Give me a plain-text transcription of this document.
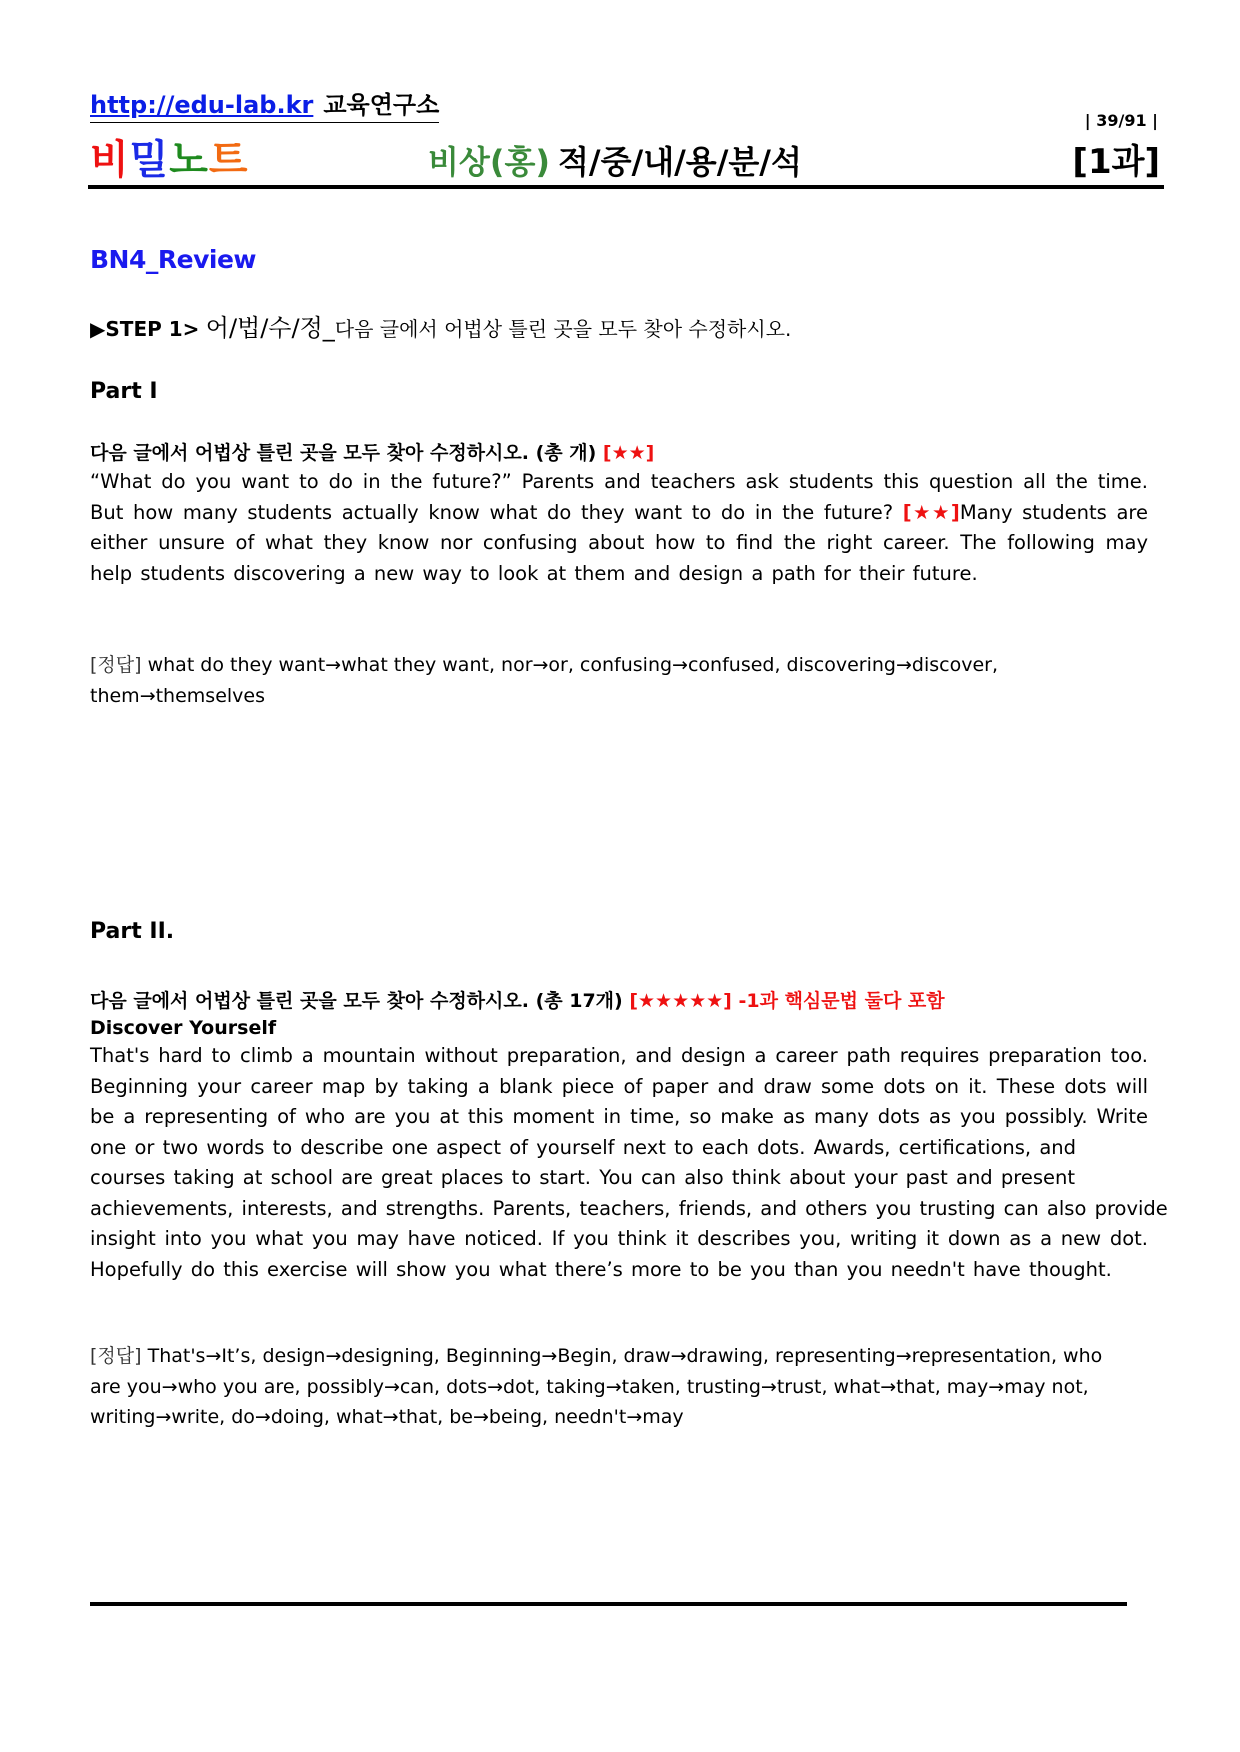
http://edu-lab.kr 교육연구소
| 39/91 |
비밀노트	비상(홍) 적/중/내/용/분/석	[1과]
BN4_Review
▶STEP 1> 어/법/수/정_다음 글에서 어법상 틀린 곳을 모두 찾아 수정하시오.
Part I
다음 글에서 어법상 틀린 곳을 모두 찾아 수정하시오. (총 개) [★★]
“What do you want to do in the future?” Parents and teachers ask students this question all the time.
But how many students actually know what do they want to do in the future? [★★]Many students are
either unsure of what they know nor confusing about how to find the right career. The following may
help students discovering a new way to look at them and design a path for their future.
[정답] what do they want→what they want, nor→or, confusing→confused, discovering→discover,
them→themselves
Part II.
다음 글에서 어법상 틀린 곳을 모두 찾아 수정하시오. (총 17개) [★★★★★] -1과 핵심문법 둘다 포함
Discover Yourself
That's hard to climb a mountain without preparation, and design a career path requires preparation too.
Beginning your career map by taking a blank piece of paper and draw some dots on it. These dots will
be a representing of who are you at this moment in time, so make as many dots as you possibly. Write
one or two words to describe one aspect of yourself next to each dots. Awards, certifications, and
courses taking at school are great places to start. You can also think about your past and present
achievements, interests, and strengths. Parents, teachers, friends, and others you trusting can also provide
insight into you what you may have noticed. If you think it describes you, writing it down as a new dot.
Hopefully do this exercise will show you what there’s more to be you than you needn't have thought.
[정답] That's→It’s, design→designing, Beginning→Begin, draw→drawing, representing→representation, who
are you→who you are, possibly→can, dots→dot, taking→taken, trusting→trust, what→that, may→may not,
writing→write, do→doing, what→that, be→being, needn't→may
